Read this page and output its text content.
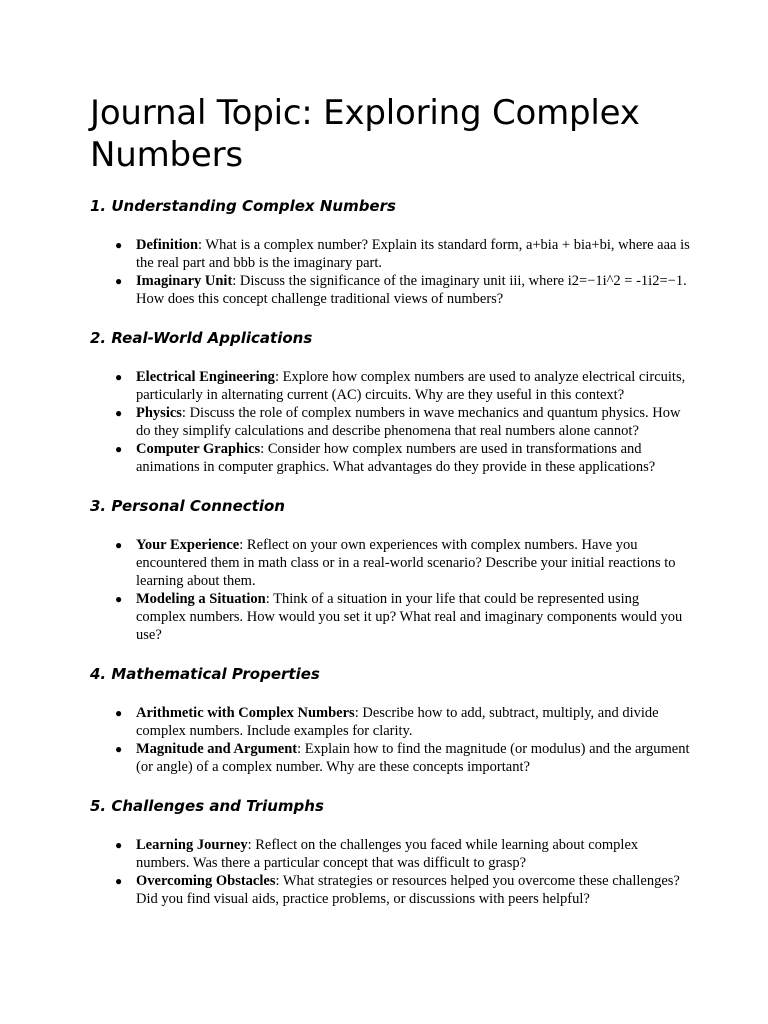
Journal Topic: Exploring Complex Numbers
1. Understanding Complex Numbers
● Definition: What is a complex number? Explain its standard form, a+bia + bia+bi, where aaa is the real part and bbb is the imaginary part.
● Imaginary Unit: Discuss the significance of the imaginary unit iii, where i2=−1i^2 = -1i2=−1. How does this concept challenge traditional views of numbers?
2. Real-World Applications
● Electrical Engineering: Explore how complex numbers are used to analyze electrical circuits, particularly in alternating current (AC) circuits. Why are they useful in this context?
● Physics: Discuss the role of complex numbers in wave mechanics and quantum physics. How do they simplify calculations and describe phenomena that real numbers alone cannot?
● Computer Graphics: Consider how complex numbers are used in transformations and animations in computer graphics. What advantages do they provide in these applications?
3. Personal Connection
● Your Experience: Reflect on your own experiences with complex numbers. Have you encountered them in math class or in a real-world scenario? Describe your initial reactions to learning about them.
● Modeling a Situation: Think of a situation in your life that could be represented using complex numbers. How would you set it up? What real and imaginary components would you use?
4. Mathematical Properties
● Arithmetic with Complex Numbers: Describe how to add, subtract, multiply, and divide complex numbers. Include examples for clarity.
● Magnitude and Argument: Explain how to find the magnitude (or modulus) and the argument (or angle) of a complex number. Why are these concepts important?
5. Challenges and Triumphs
● Learning Journey: Reflect on the challenges you faced while learning about complex numbers. Was there a particular concept that was difficult to grasp?
● Overcoming Obstacles: What strategies or resources helped you overcome these challenges? Did you find visual aids, practice problems, or discussions with peers helpful?
